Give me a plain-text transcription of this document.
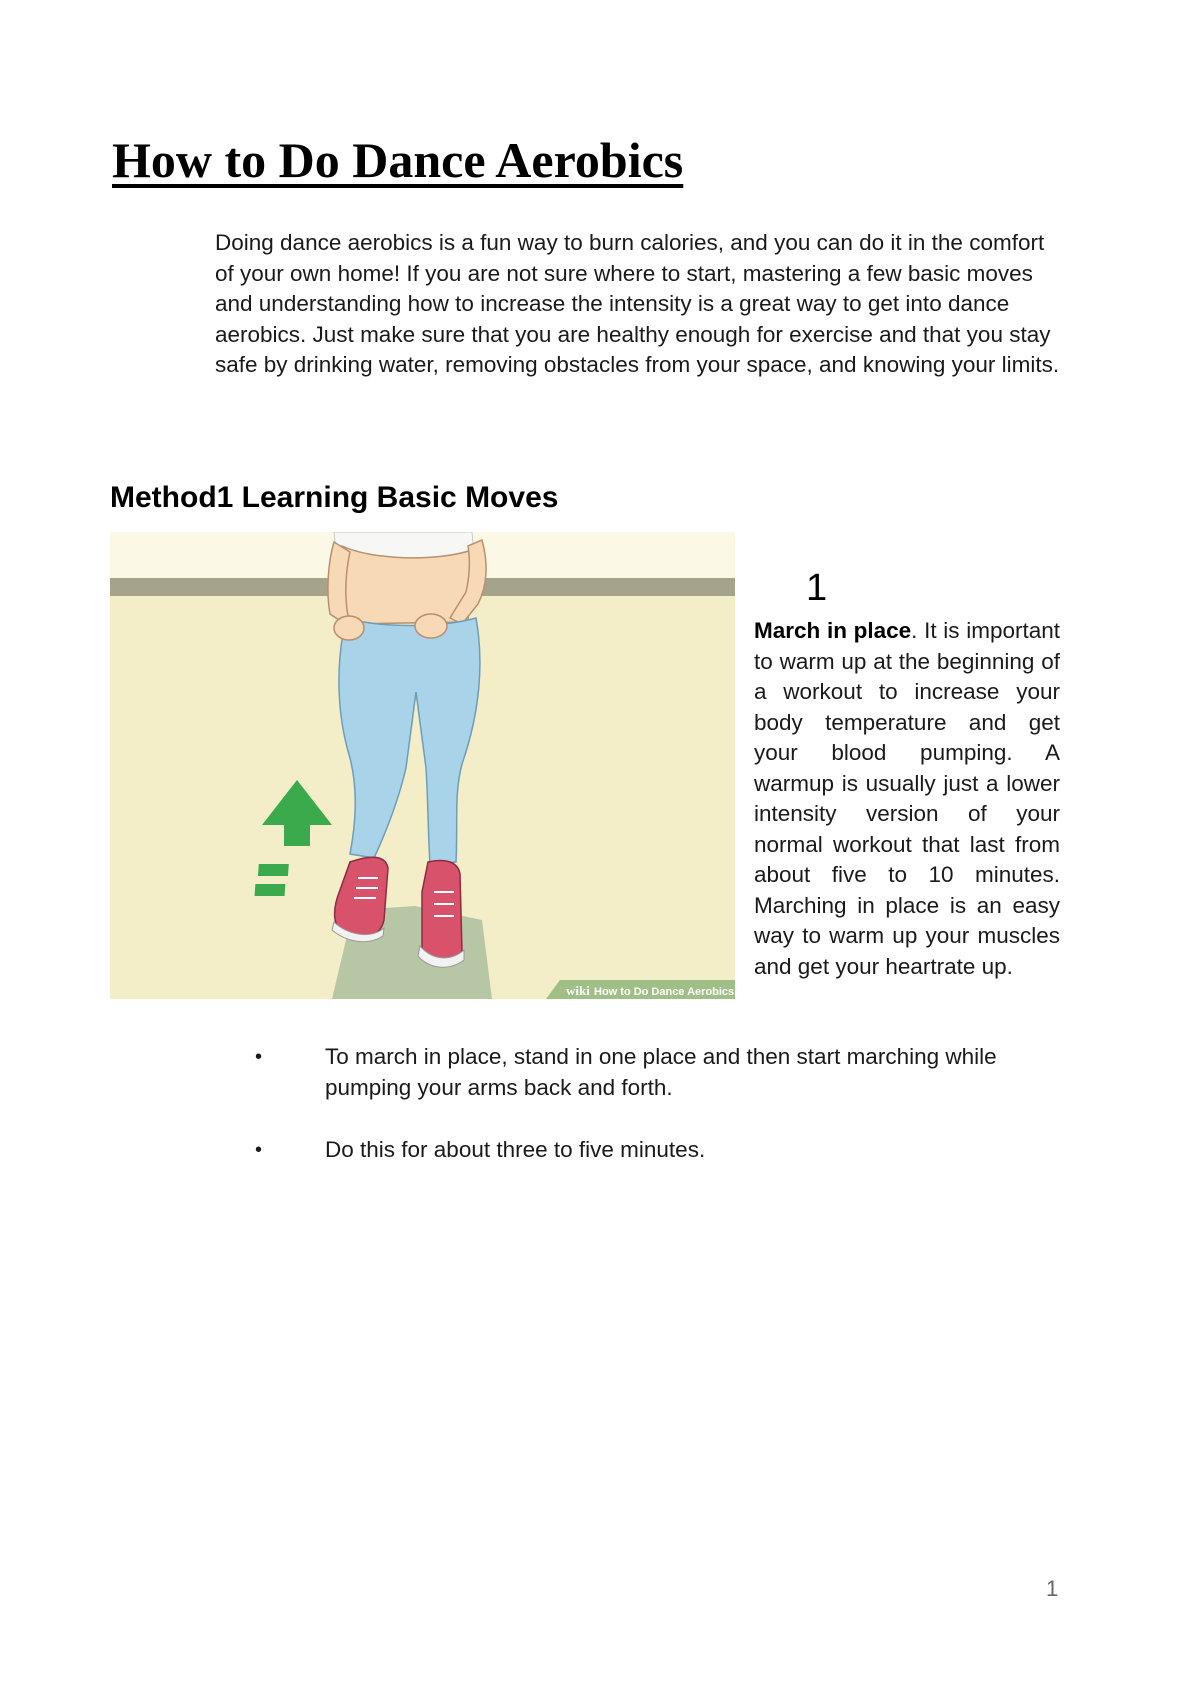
How to Do Dance Aerobics

Doing dance aerobics is a fun way to burn calories, and you can do it in the comfort of your own home! If you are not sure where to start, mastering a few basic moves and understanding how to increase the intensity is a great way to get into dance aerobics. Just make sure that you are healthy enough for exercise and that you stay safe by drinking water, removing obstacles from your space, and knowing your limits.

Method1 Learning Basic Moves
wiki How to Do Dance Aerobics
1

March in place. It is important to warm up at the beginning of a workout to increase your body temperature and get your blood pumping. A warmup is usually just a lower intensity version of your normal workout that last from about five to 10 minutes. Marching in place is an easy way to warm up your muscles and get your heartrate up.

•	To march in place, stand in one place and then start marching while pumping your arms back and forth.
•	Do this for about three to five minutes.
1
